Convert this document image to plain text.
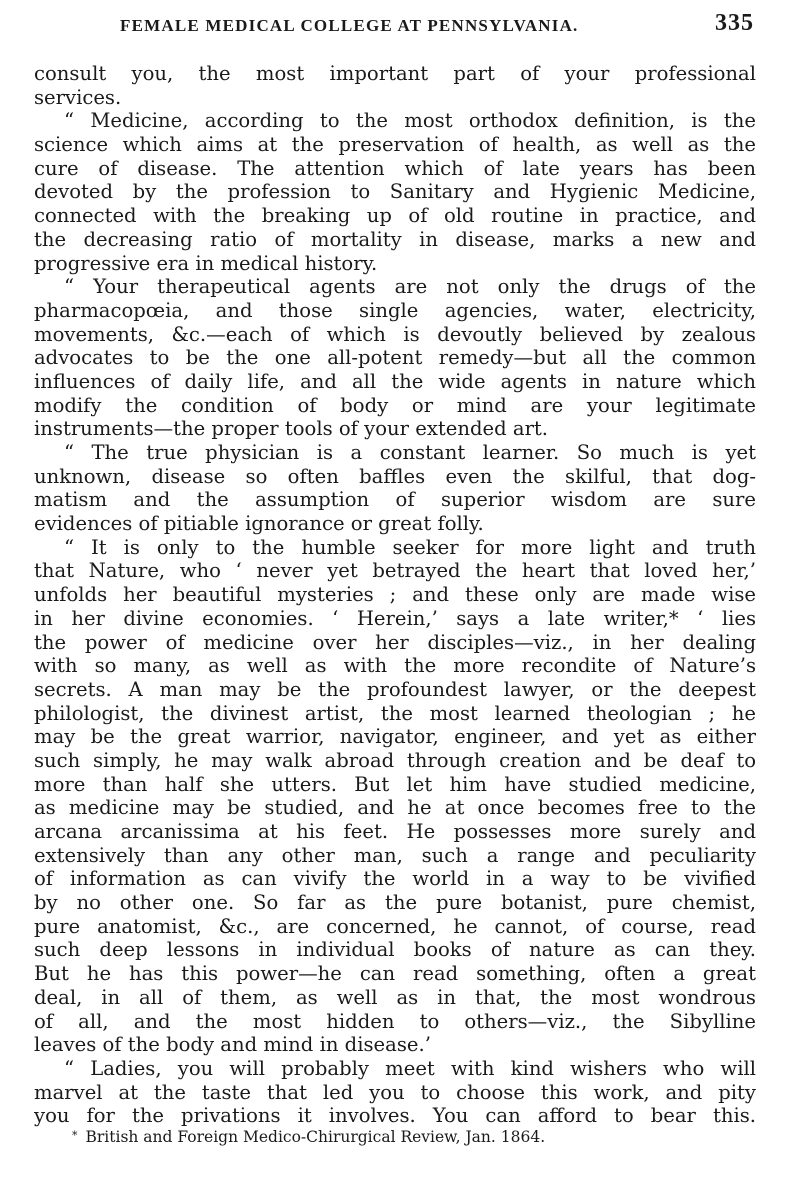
FEMALE MEDICAL COLLEGE AT PENNSYLVANIA.	335
consult you, the most important part of your professional
services.
“ Medicine, according to the most orthodox definition, is the
science which aims at the preservation of health, as well as the
cure of disease. The attention which of late years has been
devoted by the profession to Sanitary and Hygienic Medicine,
connected with the breaking up of old routine in practice, and
the decreasing ratio of mortality in disease, marks a new and
progressive era in medical history.
“ Your therapeutical agents are not only the drugs of the
pharmacopœia, and those single agencies, water, electricity,
movements, &c.—each of which is devoutly believed by zealous
advocates to be the one all-potent remedy—but all the common
influences of daily life, and all the wide agents in nature which
modify the condition of body or mind are your legitimate
instruments—the proper tools of your extended art.
“ The true physician is a constant learner. So much is yet
unknown, disease so often baffles even the skilful, that dog-
matism and the assumption of superior wisdom are sure
evidences of pitiable ignorance or great folly.
“ It is only to the humble seeker for more light and truth
that Nature, who ‘ never yet betrayed the heart that loved her,’
unfolds her beautiful mysteries ; and these only are made wise
in her divine economies. ‘ Herein,’ says a late writer,* ‘ lies
the power of medicine over her disciples—viz., in her dealing
with so many, as well as with the more recondite of Nature’s
secrets. A man may be the profoundest lawyer, or the deepest
philologist, the divinest artist, the most learned theologian ; he
may be the great warrior, navigator, engineer, and yet as either
such simply, he may walk abroad through creation and be deaf to
more than half she utters. But let him have studied medicine,
as medicine may be studied, and he at once becomes free to the
arcana arcanissima at his feet. He possesses more surely and
extensively than any other man, such a range and peculiarity
of information as can vivify the world in a way to be vivified
by no other one. So far as the pure botanist, pure chemist,
pure anatomist, &c., are concerned, he cannot, of course, read
such deep lessons in individual books of nature as can they.
But he has this power—he can read something, often a great
deal, in all of them, as well as in that, the most wondrous
of all, and the most hidden to others—viz., the Sibylline
leaves of the body and mind in disease.’
“ Ladies, you will probably meet with kind wishers who will
marvel at the taste that led you to choose this work, and pity
you for the privations it involves. You can afford to bear this.
* British and Foreign Medico-Chirurgical Review, Jan. 1864.
